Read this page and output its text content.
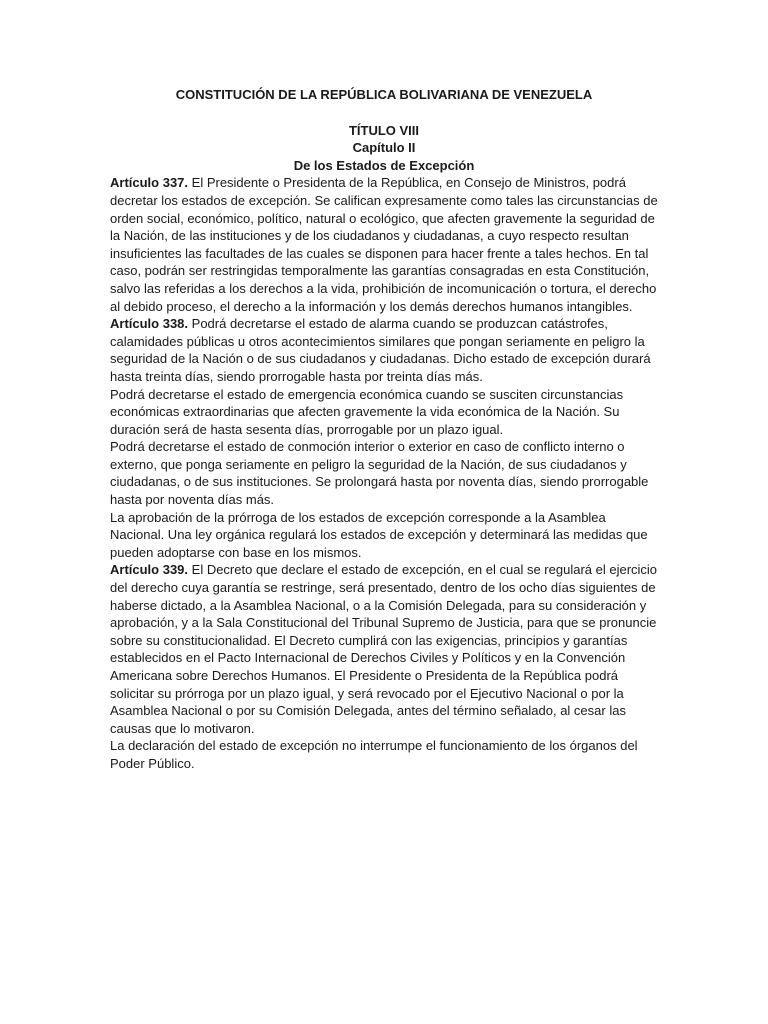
CONSTITUCIÓN DE LA REPÚBLICA BOLIVARIANA DE VENEZUELA
TÍTULO VIII
Capítulo II
De los Estados de Excepción

Artículo 337. El Presidente o Presidenta de la República, en Consejo de Ministros, podrá decretar los estados de excepción. Se califican expresamente como tales las circunstancias de orden social, económico, político, natural o ecológico, que afecten gravemente la seguridad de la Nación, de las instituciones y de los ciudadanos y ciudadanas, a cuyo respecto resultan insuficientes las facultades de las cuales se disponen para hacer frente a tales hechos. En tal caso, podrán ser restringidas temporalmente las garantías consagradas en esta Constitución, salvo las referidas a los derechos a la vida, prohibición de incomunicación o tortura, el derecho al debido proceso, el derecho a la información y los demás derechos humanos intangibles.

Artículo 338. Podrá decretarse el estado de alarma cuando se produzcan catástrofes, calamidades públicas u otros acontecimientos similares que pongan seriamente en peligro la seguridad de la Nación o de sus ciudadanos y ciudadanas. Dicho estado de excepción durará hasta treinta días, siendo prorrogable hasta por treinta días más.

Podrá decretarse el estado de emergencia económica cuando se susciten circunstancias económicas extraordinarias que afecten gravemente la vida económica de la Nación. Su duración será de hasta sesenta días, prorrogable por un plazo igual.

Podrá decretarse el estado de conmoción interior o exterior en caso de conflicto interno o externo, que ponga seriamente en peligro la seguridad de la Nación, de sus ciudadanos y ciudadanas, o de sus instituciones. Se prolongará hasta por noventa días, siendo prorrogable hasta por noventa días más.

La aprobación de la prórroga de los estados de excepción corresponde a la Asamblea Nacional. Una ley orgánica regulará los estados de excepción y determinará las medidas que pueden adoptarse con base en los mismos.

Artículo 339. El Decreto que declare el estado de excepción, en el cual se regulará el ejercicio del derecho cuya garantía se restringe, será presentado, dentro de los ocho días siguientes de haberse dictado, a la Asamblea Nacional, o a la Comisión Delegada, para su consideración y aprobación, y a la Sala Constitucional del Tribunal Supremo de Justicia, para que se pronuncie sobre su constitucionalidad. El Decreto cumplirá con las exigencias, principios y garantías establecidos en el Pacto Internacional de Derechos Civiles y Políticos y en la Convención Americana sobre Derechos Humanos. El Presidente o Presidenta de la República podrá solicitar su prórroga por un plazo igual, y será revocado por el Ejecutivo Nacional o por la Asamblea Nacional o por su Comisión Delegada, antes del término señalado, al cesar las causas que lo motivaron.

La declaración del estado de excepción no interrumpe el funcionamiento de los órganos del Poder Público.
